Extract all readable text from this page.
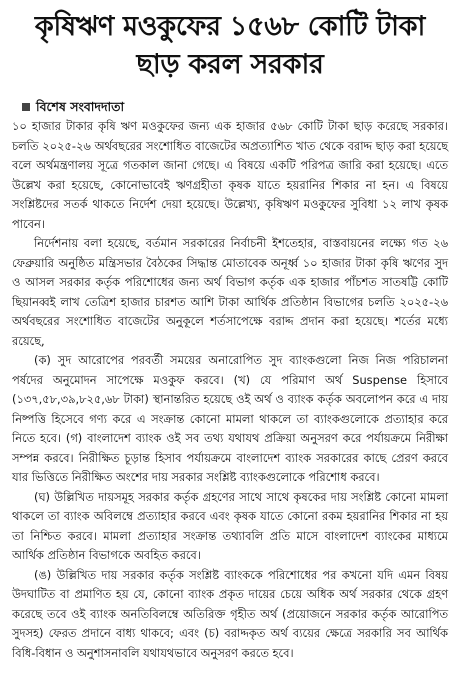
কৃষিঋণ মওকুফের ১৫৬৮ কোটি টাকা ছাড় করল সরকার
বিশেষ সংবাদদাতা

১০ হাজার টাকার কৃষি ঋণ মওকুফের জন্য এক হাজার ৫৬৮ কোটি টাকা ছাড় করেছে সরকার। চলতি ২০২৫-২৬ অর্থবছরের সংশোধিত বাজেটের অপ্রত্যাশিত খাত থেকে বরাদ্দ ছাড় করা হয়েছে বলে অর্থমন্ত্রণালয় সূত্রে গতকাল জানা গেছে। এ বিষয়ে একটি পরিপত্র জারি করা হয়েছে। এতে উল্লেখ করা হয়েছে, কোনোভাবেই ঋণগ্রহীতা কৃষক যাতে হয়রানির শিকার না হন। এ বিষয়ে সংশ্লিষ্টদের সতর্ক থাকতে নির্দেশ দেয়া হয়েছে। উল্লেখ্য, কৃষিঋণ মওকুফের সুবিধা ১২ লাখ কৃষক পাবেন।

নির্দেশনায় বলা হয়েছে, বর্তমান সরকারের নির্বাচনী ইশতেহার, বাস্তবায়নের লক্ষ্যে গত ২৬ ফেব্রুয়ারি অনুষ্ঠিত মন্ত্রিসভার বৈঠকের সিদ্ধান্ত মোতাবেক অনূর্ধ্ব ১০ হাজার টাকা কৃষি ঋণের সুদ ও আসল সরকার কর্তৃক পরিশোধের জন্য অর্থ বিভাগ কর্তৃক এক হাজার পাঁচশত সাতষট্টি কোটি ছিয়ানব্বই লাখ তেত্রিশ হাজার চারশত আশি টাকা আর্থিক প্রতিষ্ঠান বিভাগের চলতি ২০২৫-২৬ অর্থবছরের সংশোধিত বাজেটের অনুকূলে শর্তসাপেক্ষে বরাদ্দ প্রদান করা হয়েছে। শর্তের মধ্যে রয়েছে,

(ক) সুদ আরোপের পরবর্তী সময়ের অনারোপিত সুদ ব্যাংকগুলো নিজ নিজ পরিচালনা পর্ষদের অনুমোদন সাপেক্ষে মওকুফ করবে। (খ) যে পরিমাণ অর্থ Suspense হিসাবে (১৩৭,৫৮,৩৯,৮২৫,৬৮ টাকা) স্থানান্তরিত হয়েছে ওই অর্থ ও ব্যাংক কর্তৃক অবলোপন করে এ দায় নিষ্পত্তি হিসেবে গণ্য করে এ সংক্রান্ত কোনো মামলা থাকলে তা ব্যাংকগুলোকে প্রত্যাহার করে নিতে হবে। (গ) বাংলাদেশ ব্যাংক ওই সব তথ্য যথাযথ প্রক্রিয়া অনুসরণ করে পর্যায়ক্রমে নিরীক্ষা সম্পন্ন করবে। নিরীক্ষিত চূড়ান্ত হিসাব পর্যায়ক্রমে বাংলাদেশ ব্যাংক সরকারের কাছে প্রেরণ করবে যার ভিত্তিতে নিরীক্ষিত অংশের দায় সরকার সংশ্লিষ্ট ব্যাংকগুলোকে পরিশোধ করবে।

(ঘ) উল্লিখিত দায়সমূহ সরকার কর্তৃক গ্রহণের সাথে সাথে কৃষকের দায় সংশ্লিষ্ট কোনো মামলা থাকলে তা ব্যাংক অবিলম্বে প্রত্যাহার করবে এবং কৃষক যাতে কোনো রকম হয়রানির শিকার না হয় তা নিশ্চিত করবে। মামলা প্রত্যাহার সংক্রান্ত তথ্যাবলি প্রতি মাসে বাংলাদেশ ব্যাংকের মাধ্যমে আর্থিক প্রতিষ্ঠান বিভাগকে অবহিত করবে।

(ঙ) উল্লিখিত দায় সরকার কর্তৃক সংশ্লিষ্ট ব্যাংককে পরিশোধের পর কখনো যদি এমন বিষয় উদঘাটিত বা প্রমাণিত হয় যে, কোনো ব্যাংক প্রকৃত দায়ের চেয়ে অধিক অর্থ সরকার থেকে গ্রহণ করেছে তবে ওই ব্যাংক অনতিবিলম্বে অতিরিক্ত গৃহীত অর্থ (প্রয়োজনে সরকার কর্তৃক আরোপিত সুদসহ) ফেরত প্রদানে বাধ্য থাকবে; এবং (চ) বরাদ্দকৃত অর্থ ব্যয়ের ক্ষেত্রে সরকারি সব আর্থিক বিধি-বিধান ও অনুশাসনাবলি যথাযথভাবে অনুসরণ করতে হবে।
